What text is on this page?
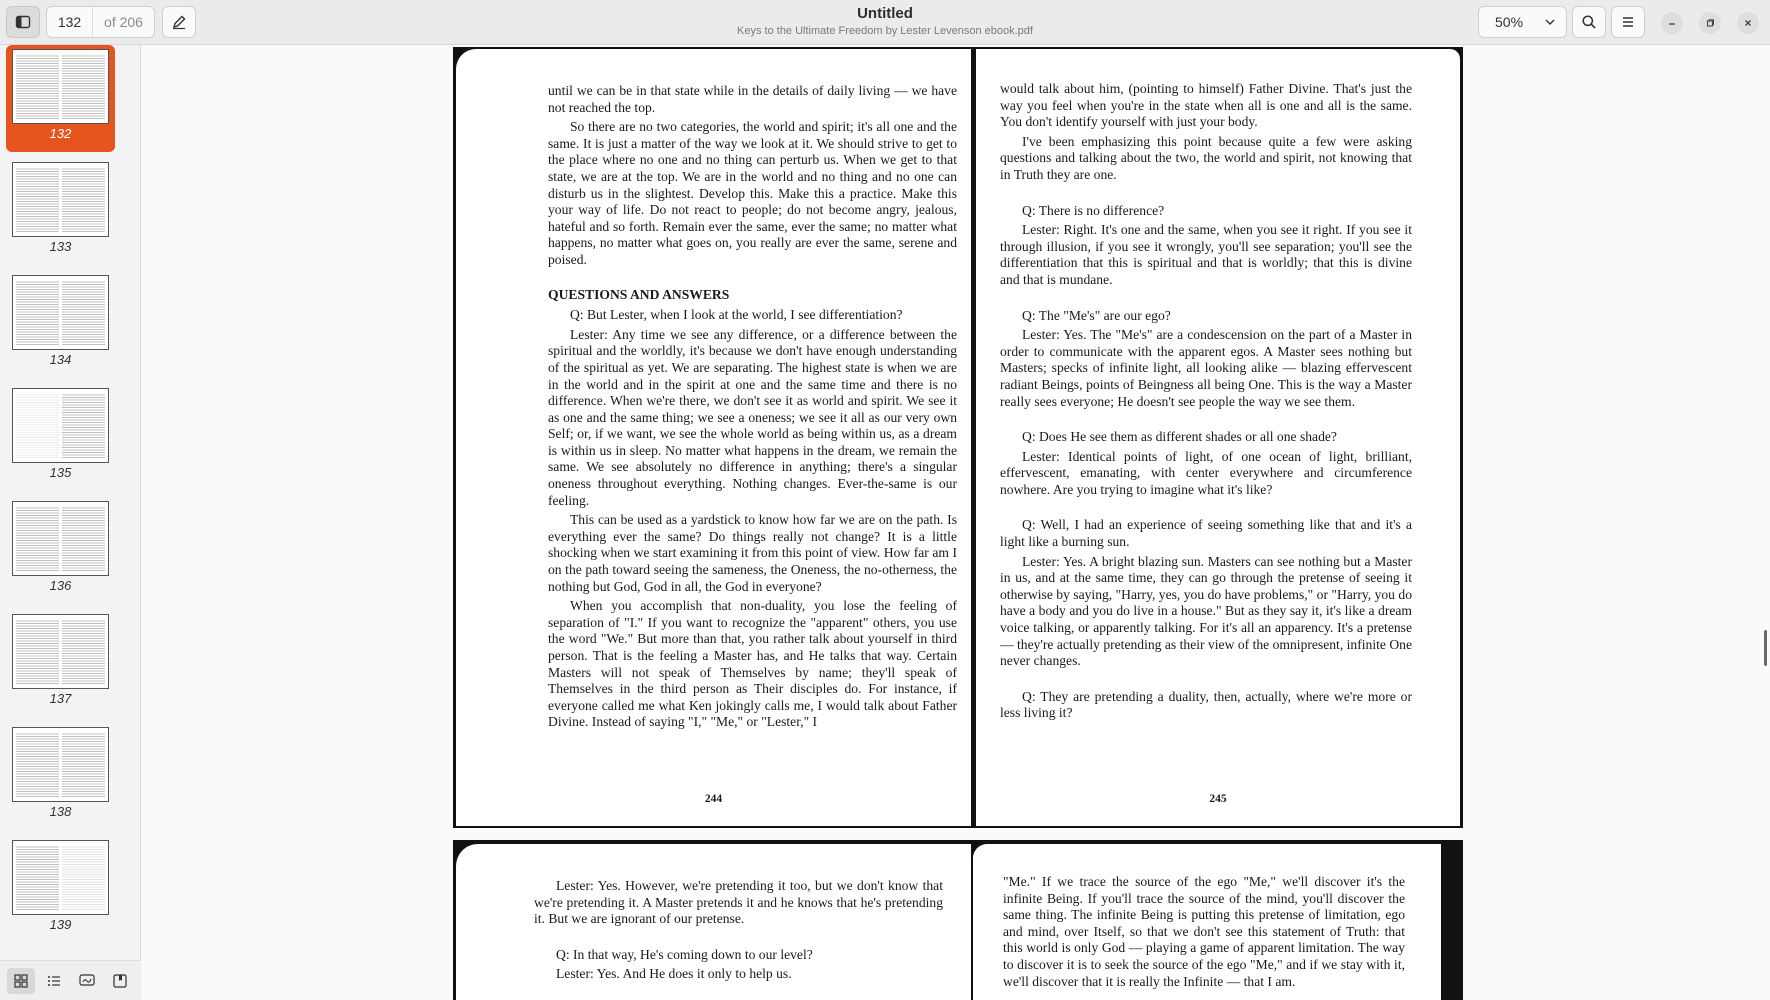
132	of 206	Untitled
Keys to the Ultimate Freedom by Lester Levenson ebook.pdf
50%
132
133
134
135
136
137
138
139

until we can be in that state while in the details of daily living — we have not reached the top.

So there are no two categories, the world and spirit; it's all one and the same. It is just a matter of the way we look at it. We should strive to get to the place where no one and no thing can perturb us. When we get to that state, we are at the top. We are in the world and no thing and no one can disturb us in the slightest. Develop this. Make this a practice. Make this your way of life. Do not react to people; do not become angry, jealous, hateful and so forth. Remain ever the same, ever the same; no matter what happens, no matter what goes on, you really are ever the same, serene and poised.

QUESTIONS AND ANSWERS

Q: But Lester, when I look at the world, I see differentiation?

Lester: Any time we see any difference, or a difference between the spiritual and the worldly, it's because we don't have enough understanding of the spiritual as yet. We are separating. The highest state is when we are in the world and in the spirit at one and the same time and there is no difference. When we're there, we don't see it as world and spirit. We see it as one and the same thing; we see a oneness; we see it all as our very own Self; or, if we want, we see the whole world as being within us, as a dream is within us in sleep. No matter what happens in the dream, we remain the same. We see absolutely no difference in anything; there's a singular oneness throughout everything. Nothing changes. Ever-the-same is our feeling.

This can be used as a yardstick to know how far we are on the path. Is everything ever the same? Do things really not change? It is a little shocking when we start examining it from this point of view. How far am I on the path toward seeing the sameness, the Oneness, the no-otherness, the nothing but God, God in all, the God in everyone?

When you accomplish that non-duality, you lose the feeling of separation of "I." If you want to recognize the "apparent" others, you use the word "We." But more than that, you rather talk about yourself in third person. That is the feeling a Master has, and He talks that way. Certain Masters will not speak of Themselves by name; they'll speak of Themselves in the third person as Their disciples do. For instance, if everyone called me what Ken jokingly calls me, I would talk about Father Divine. Instead of saying "I," "Me," or "Lester," I

244

would talk about him, (pointing to himself) Father Divine. That's just the way you feel when you're in the state when all is one and all is the same. You don't identify yourself with just your body.

I've been emphasizing this point because quite a few were asking questions and talking about the two, the world and spirit, not knowing that in Truth they are one.

Q: There is no difference?

Lester: Right. It's one and the same, when you see it right. If you see it through illusion, if you see it wrongly, you'll see separation; you'll see the differentiation that this is spiritual and that is worldly; that this is divine and that is mundane.

Q: The "Me's" are our ego?

Lester: Yes. The "Me's" are a condescension on the part of a Master in order to communicate with the apparent egos. A Master sees nothing but Masters; specks of infinite light, all looking alike — blazing effervescent radiant Beings, points of Beingness all being One. This is the way a Master really sees everyone; He doesn't see people the way we see them.

Q: Does He see them as different shades or all one shade?

Lester: Identical points of light, of one ocean of light, brilliant, effervescent, emanating, with center everywhere and circumference nowhere. Are you trying to imagine what it's like?

Q: Well, I had an experience of seeing something like that and it's a light like a burning sun.

Lester: Yes. A bright blazing sun. Masters can see nothing but a Master in us, and at the same time, they can go through the pretense of seeing it otherwise by saying, "Harry, yes, you do have problems," or "Harry, you do have a body and you do live in a house." But as they say it, it's like a dream voice talking, or apparently talking. For it's all an apparency. It's a pretense — they're actually pretending as their view of the omnipresent, infinite One never changes.

Q: They are pretending a duality, then, actually, where we're more or less living it?

245

Lester: Yes. However, we're pretending it too, but we don't know that we're pretending it. A Master pretends it and he knows that he's pretending it. But we are ignorant of our pretense.

Q: In that way, He's coming down to our level?

Lester: Yes. And He does it only to help us.

"Me." If we trace the source of the ego "Me," we'll discover it's the infinite Being. If you'll trace the source of the mind, you'll discover the same thing. The infinite Being is putting this pretense of limitation, ego and mind, over Itself, so that we don't see this statement of Truth: that this world is only God — playing a game of apparent limitation. The way to discover it is to seek the source of the ego "Me," and if we stay with it, we'll discover that it is really the Infinite — that I am.
